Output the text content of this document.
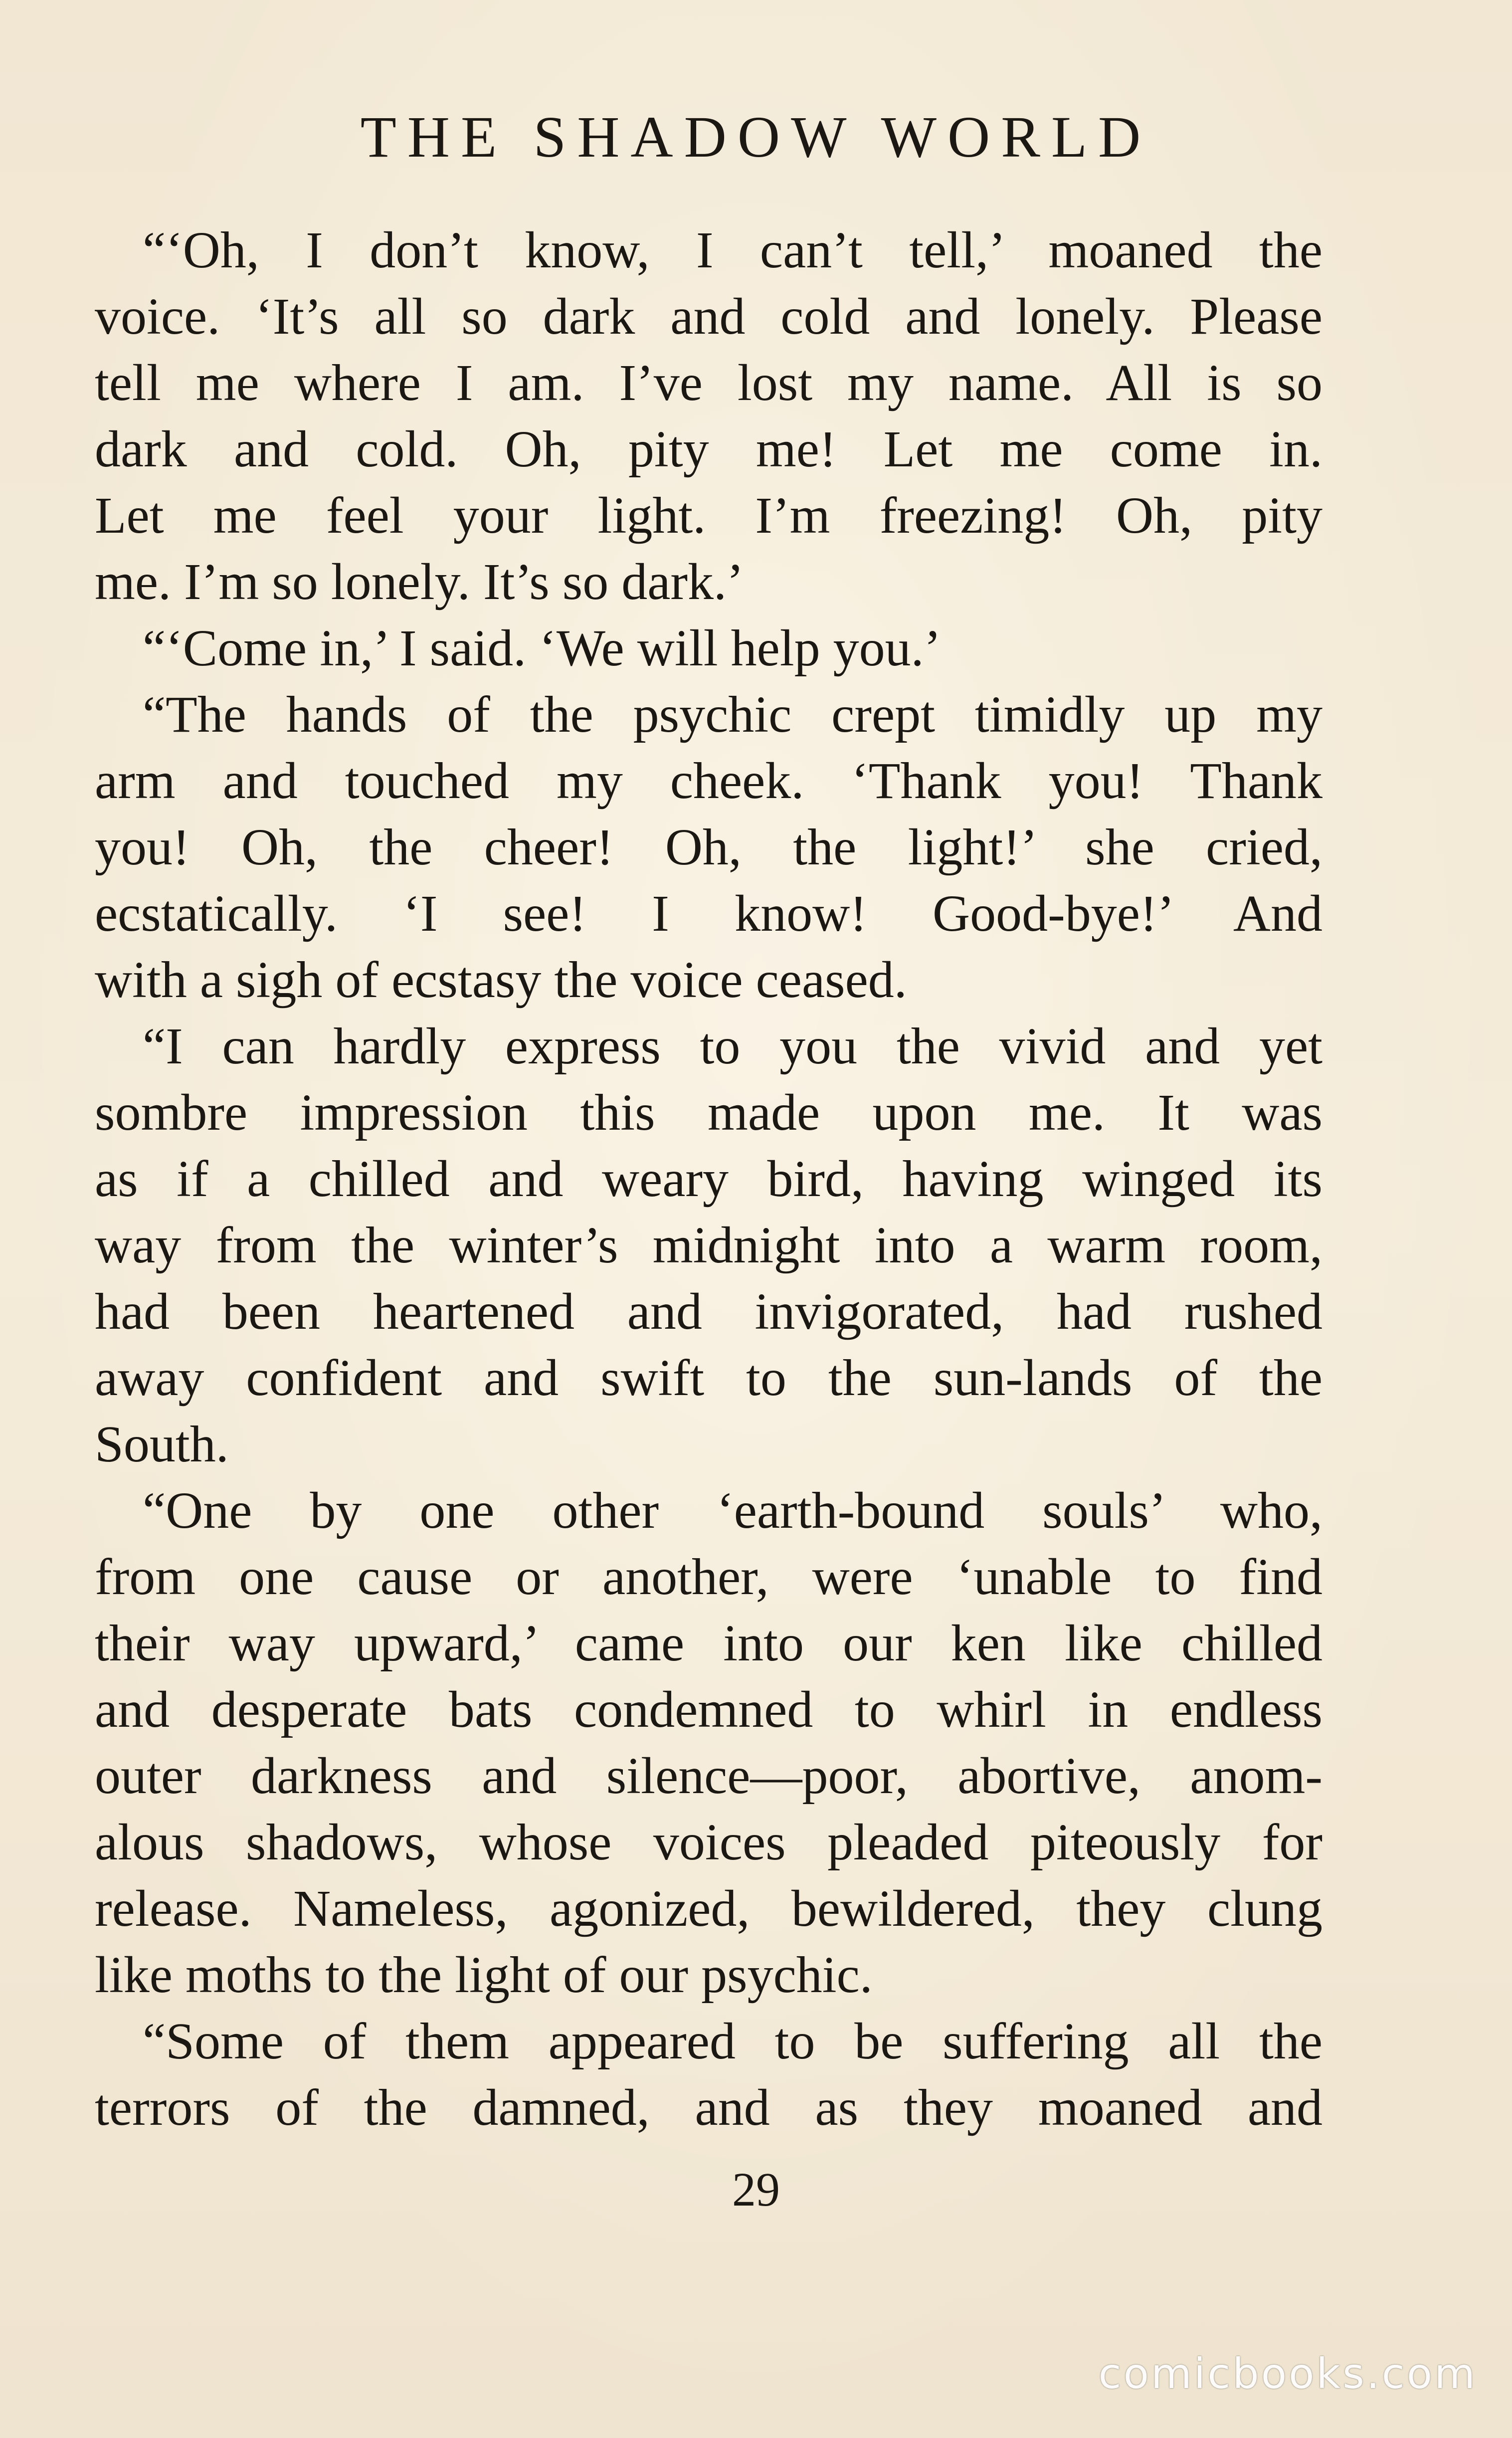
THE SHADOW WORLD
“‘Oh, I don’t know, I can’t tell,’ moaned the
voice. ‘It’s all so dark and cold and lonely. Please
tell me where I am. I’ve lost my name. All is so
dark and cold. Oh, pity me! Let me come in.
Let me feel your light. I’m freezing! Oh, pity
me. I’m so lonely. It’s so dark.’
“‘Come in,’ I said. ‘We will help you.’
“The hands of the psychic crept timidly up my
arm and touched my cheek. ‘Thank you! Thank
you! Oh, the cheer! Oh, the light!’ she cried,
ecstatically. ‘I see! I know! Good-bye!’ And
with a sigh of ecstasy the voice ceased.
“I can hardly express to you the vivid and yet
sombre impression this made upon me. It was
as if a chilled and weary bird, having winged its
way from the winter’s midnight into a warm room,
had been heartened and invigorated, had rushed
away confident and swift to the sun-lands of the
South.
“One by one other ‘earth-bound souls’ who,
from one cause or another, were ‘unable to find
their way upward,’ came into our ken like chilled
and desperate bats condemned to whirl in endless
outer darkness and silence—poor, abortive, anom-
alous shadows, whose voices pleaded piteously for
release. Nameless, agonized, bewildered, they clung
like moths to the light of our psychic.
“Some of them appeared to be suffering all the
terrors of the damned, and as they moaned and
29
comicbooks.com
